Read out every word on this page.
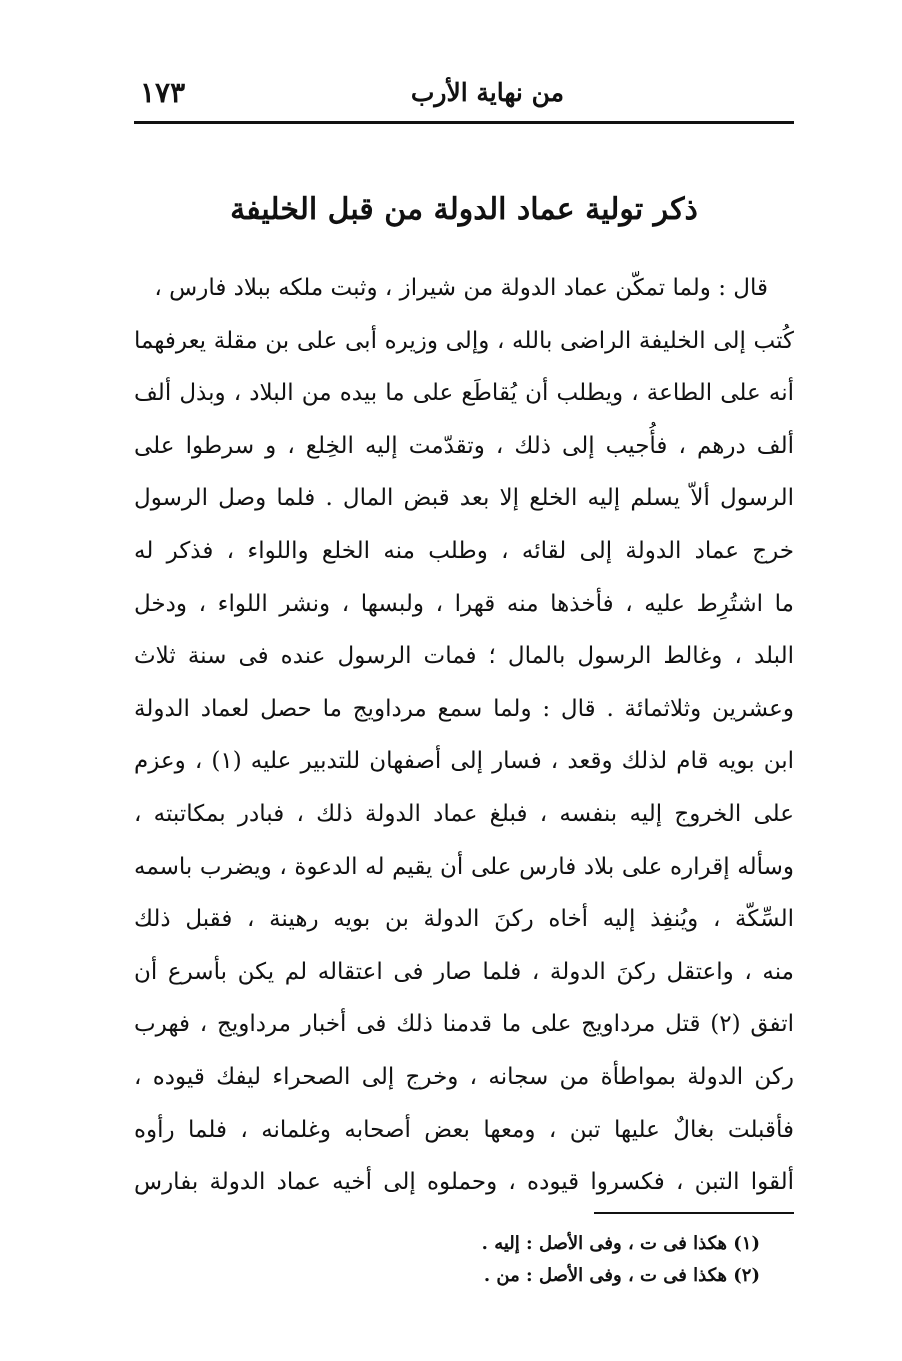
من نهاية الأرب
١٧٣
ذكر تولية عماد الدولة من قبل الخليفة
قال : ولما تمكّن عماد الدولة من شيراز ، وثبت ملكه ببلاد فارس ،
كُتب إلى الخليفة الراضى بالله ، وإلى وزيره أبى على بن مقلة يعرفهما
أنه على الطاعة ، ويطلب أن يُقاطَع على ما بيده من البلاد ، وبذل ألف
ألف درهم ، فأُجيب إلى ذلك ، وتقدّمت إليه الخِلع ، و سرطوا على
الرسول ألاّ يسلم إليه الخلع إلا بعد قبض المال . فلما وصل الرسول
خرج عماد الدولة إلى لقائه ، وطلب منه الخلع واللواء ، فذكر له
ما اشتُرِط عليه ، فأخذها منه قهرا ، ولبسها ، ونشر اللواء ، ودخل
البلد ، وغالط الرسول بالمال ؛ فمات الرسول عنده فى سنة ثلاث
وعشرين وثلاثمائة . قال : ولما سمع مرداويج ما حصل لعماد الدولة
ابن بويه قام لذلك وقعد ، فسار إلى أصفهان للتدبير عليه (١) ، وعزم
على الخروج إليه بنفسه ، فبلغ عماد الدولة ذلك ، فبادر بمكاتبته ،
وسأله إقراره على بلاد فارس على أن يقيم له الدعوة ، ويضرب باسمه
السِّكّة ، ويُنفِذ إليه أخاه ركنَ الدولة بن بويه رهينة ، فقبل ذلك
منه ، واعتقل ركنَ الدولة ، فلما صار فى اعتقاله لم يكن بأسرع أن
اتفق (٢) قتل مرداويج على ما قدمنا ذلك فى أخبار مرداويج ، فهرب
ركن الدولة بمواطأة من سجانه ، وخرج إلى الصحراء ليفك قيوده ،
فأقبلت بغالٌ عليها تبن ، ومعها بعض أصحابه وغلمانه ، فلما رأوه
ألقوا التبن ، فكسروا قيوده ، وحملوه إلى أخيه عماد الدولة بفارس
(١) هكذا فى ت ، وفى الأصل : إليه .
(٢) هكذا فى ت ، وفى الأصل : من .
